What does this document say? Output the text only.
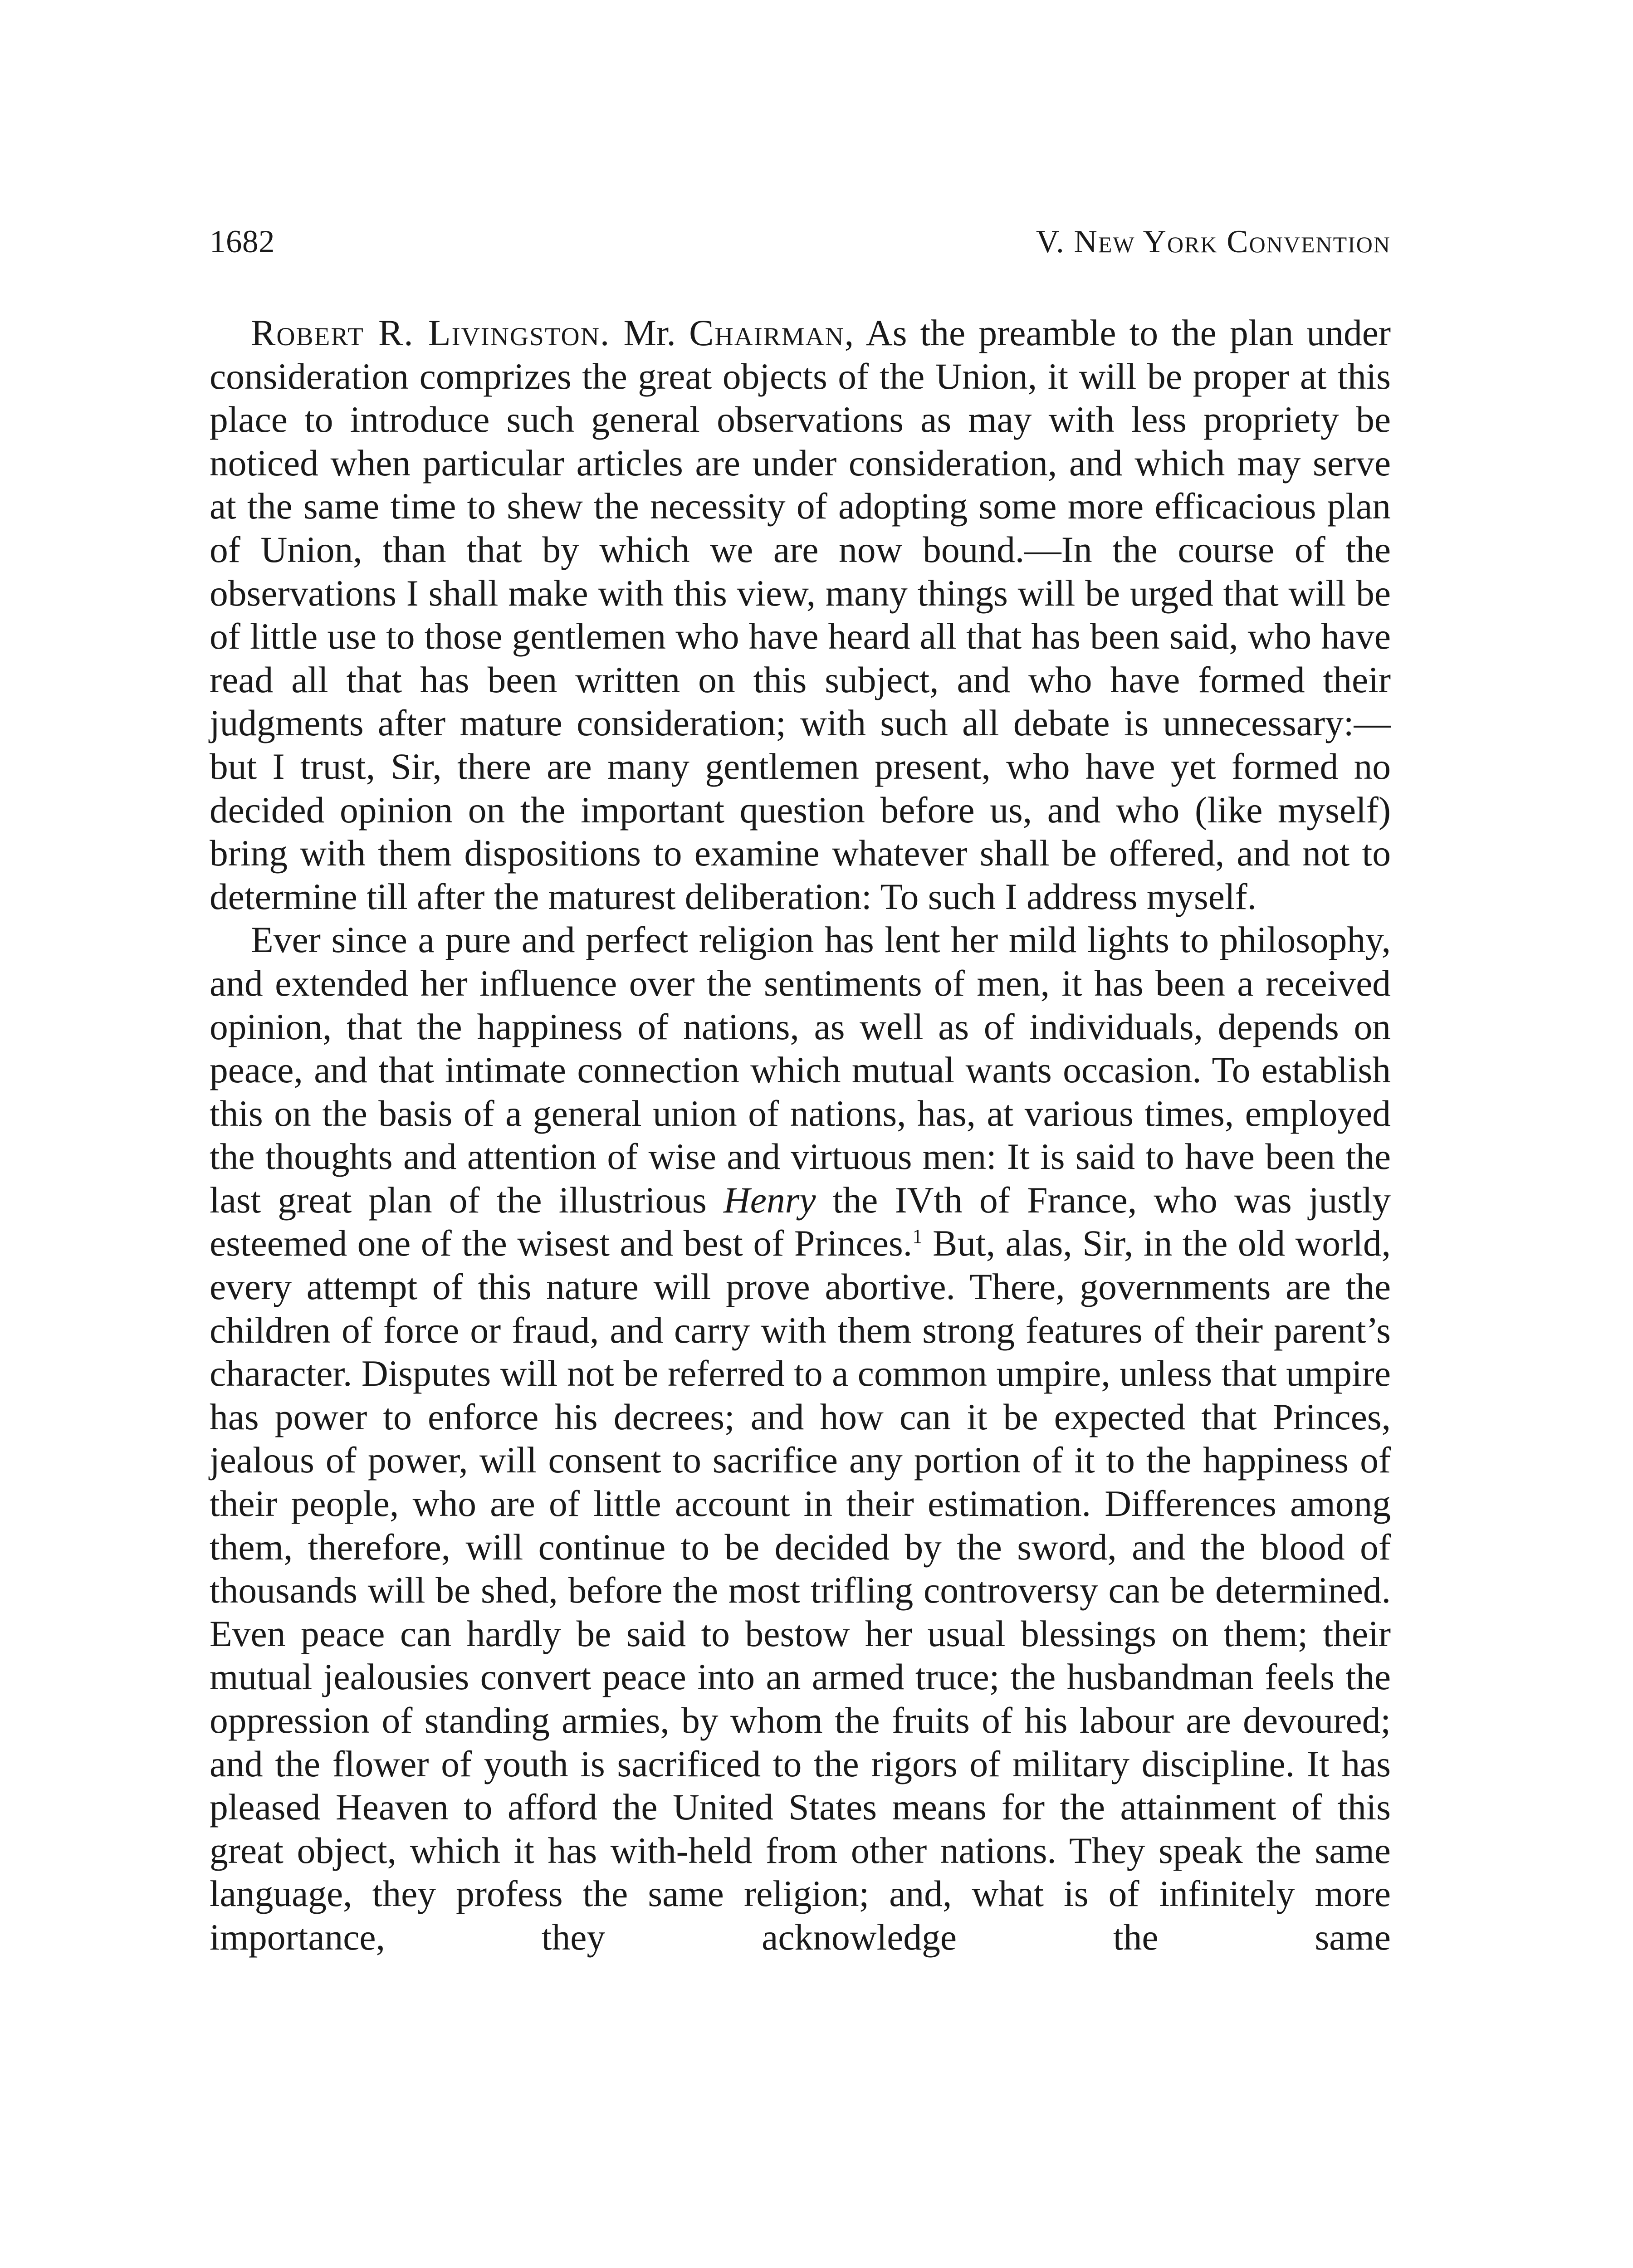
1682	V. New York Convention

Robert R. Livingston. Mr. Chairman, As the preamble to the plan under consideration comprizes the great objects of the Union, it will be proper at this place to introduce such general observations as may with less propriety be noticed when particular articles are under consideration, and which may serve at the same time to shew the necessity of adopting some more efficacious plan of Union, than that by which we are now bound.—In the course of the observations I shall make with this view, many things will be urged that will be of little use to those gentlemen who have heard all that has been said, who have read all that has been written on this subject, and who have formed their judgments after mature consideration; with such all debate is unnecessary:—but I trust, Sir, there are many gentlemen present, who have yet formed no decided opinion on the important question before us, and who (like myself) bring with them dispositions to examine whatever shall be offered, and not to determine till after the maturest deliberation: To such I address myself.

Ever since a pure and perfect religion has lent her mild lights to philosophy, and extended her influence over the sentiments of men, it has been a received opinion, that the happiness of nations, as well as of individuals, depends on peace, and that intimate connection which mutual wants occasion. To establish this on the basis of a general union of nations, has, at various times, employed the thoughts and attention of wise and virtuous men: It is said to have been the last great plan of the illustrious Henry the IVth of France, who was justly esteemed one of the wisest and best of Princes.$^1$ But, alas, Sir, in the old world, every attempt of this nature will prove abortive. There, governments are the children of force or fraud, and carry with them strong features of their parent’s character. Disputes will not be referred to a common umpire, unless that umpire has power to enforce his decrees; and how can it be expected that Princes, jealous of power, will consent to sacrifice any portion of it to the happiness of their people, who are of little account in their estimation. Differences among them, therefore, will continue to be decided by the sword, and the blood of thousands will be shed, before the most trifling controversy can be determined. Even peace can hardly be said to bestow her usual blessings on them; their mutual jealousies convert peace into an armed truce; the husbandman feels the oppression of standing armies, by whom the fruits of his labour are devoured; and the flower of youth is sacrificed to the rigors of military discipline. It has pleased Heaven to afford the United States means for the attainment of this great object, which it has with-held from other nations. They speak the same language, they profess the same religion; and, what is of infinitely more importance, they acknowledge the same
